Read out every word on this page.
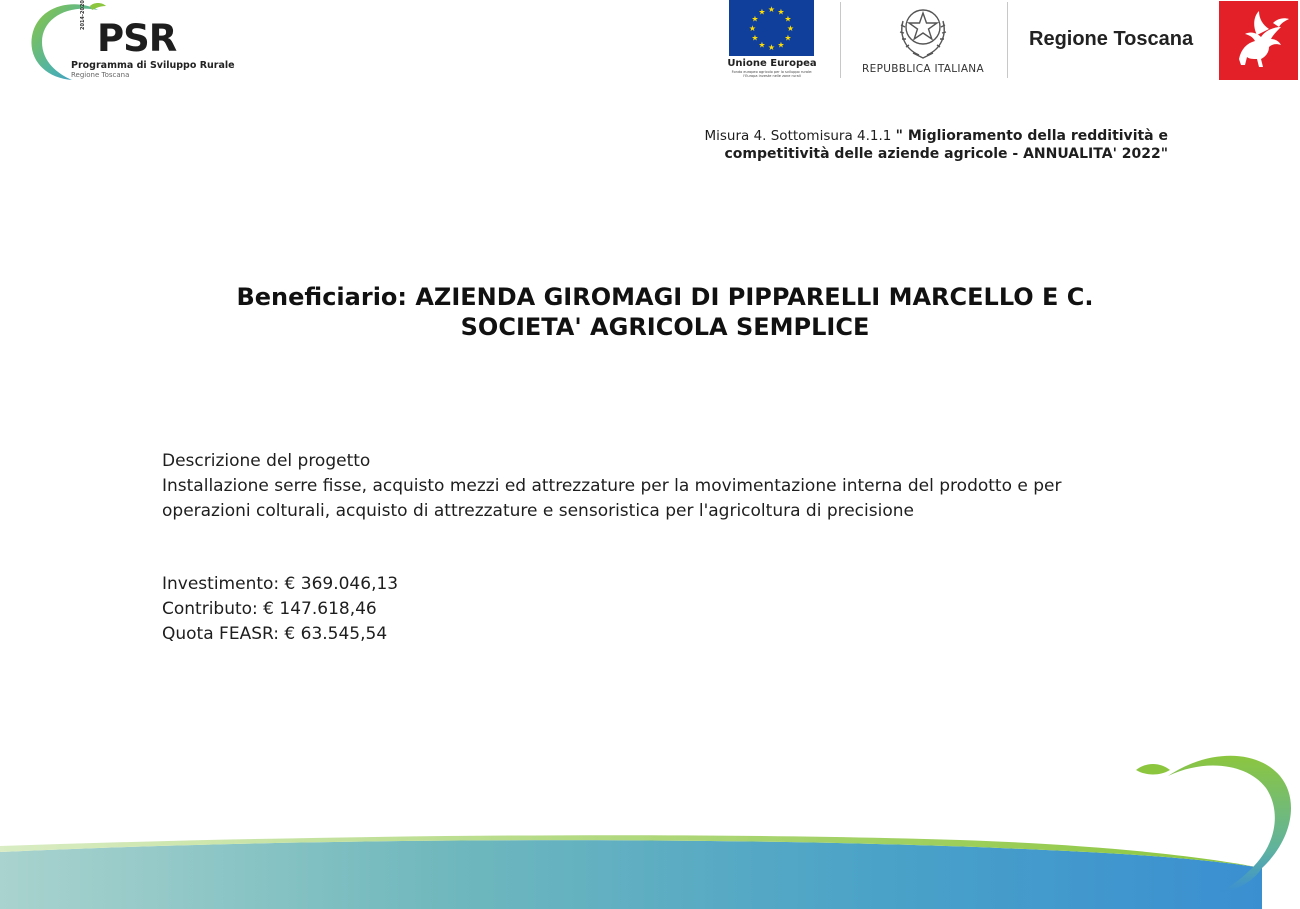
2014-2020
PSR
Programma di Sviluppo Rurale
Regione Toscana
★ ★
★
★
★
★
★
★
★
★
★
★
Unione Europea
Fondo europeo agricolo per lo sviluppo rurale: l'Europa investe nelle zone rurali
REPUBBLICA ITALIANA
Regione Toscana
Misura 4. Sottomisura 4.1.1 " Miglioramento della redditività e competitività delle aziende agricole - ANNUALITA' 2022"
Beneficiario: AZIENDA GIROMAGI DI PIPPARELLI MARCELLO E C.
SOCIETA' AGRICOLA SEMPLICE
Descrizione del progetto
Installazione serre fisse, acquisto mezzi ed attrezzature per la movimentazione interna del prodotto e per operazioni colturali, acquisto di attrezzature e sensoristica per l'agricoltura di precisione
Investimento: € 369.046,13
Contributo: € 147.618,46
Quota FEASR: € 63.545,54
